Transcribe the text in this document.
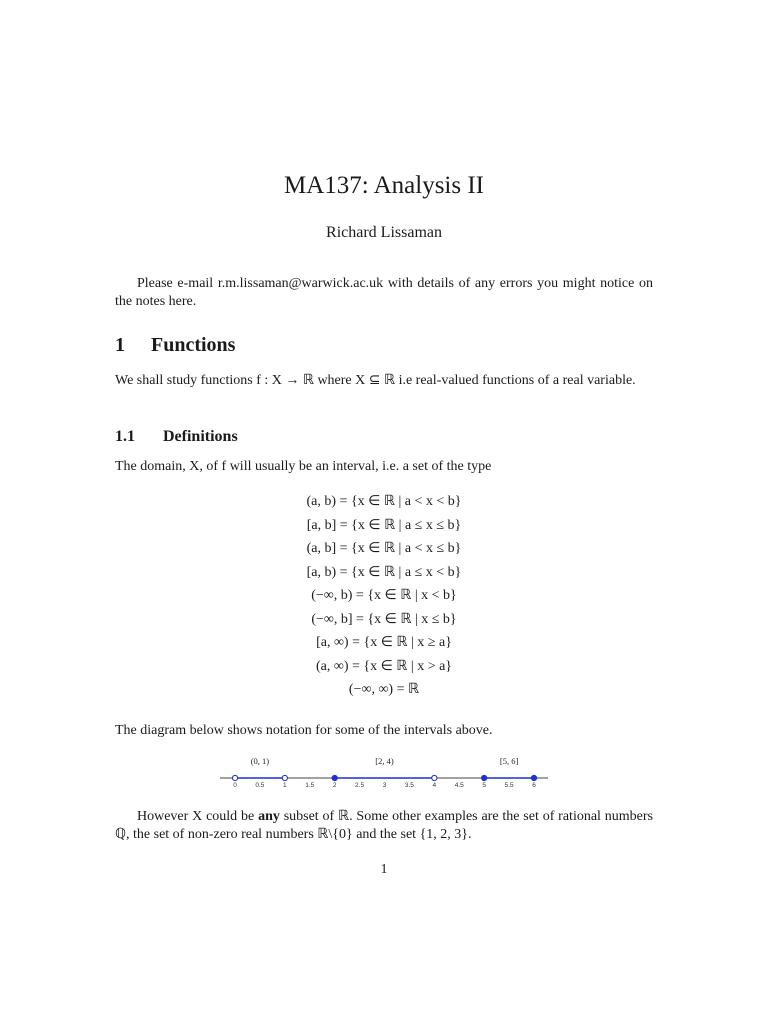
MA137: Analysis II
Richard Lissaman
Please e-mail r.m.lissaman@warwick.ac.uk with details of any errors you might notice on the notes here.
1 Functions
We shall study functions f : X → ℝ where X ⊆ ℝ i.e real-valued functions of a real variable.
1.1 Definitions
The domain, X, of f will usually be an interval, i.e. a set of the type
(a, b) = {x ∈ ℝ | a < x < b}
[a, b] = {x ∈ ℝ | a ≤ x ≤ b}
(a, b] = {x ∈ ℝ | a < x ≤ b}
[a, b) = {x ∈ ℝ | a ≤ x < b}
(−∞, b) = {x ∈ ℝ | x < b}
(−∞, b] = {x ∈ ℝ | x ≤ b}
[a, ∞) = {x ∈ ℝ | x ≥ a}
(a, ∞) = {x ∈ ℝ | x > a}
(−∞, ∞) = ℝ
The diagram below shows notation for some of the intervals above.
0	0.5	1	1.5	2	2.5	3	3.5	4	4.5	5	5.5	6
(0, 1)	[2, 4)	[5, 6]
However X could be any subset of ℝ. Some other examples are the set of rational numbers ℚ, the set of non-zero real numbers ℝ\{0} and the set {1, 2, 3}.
1
